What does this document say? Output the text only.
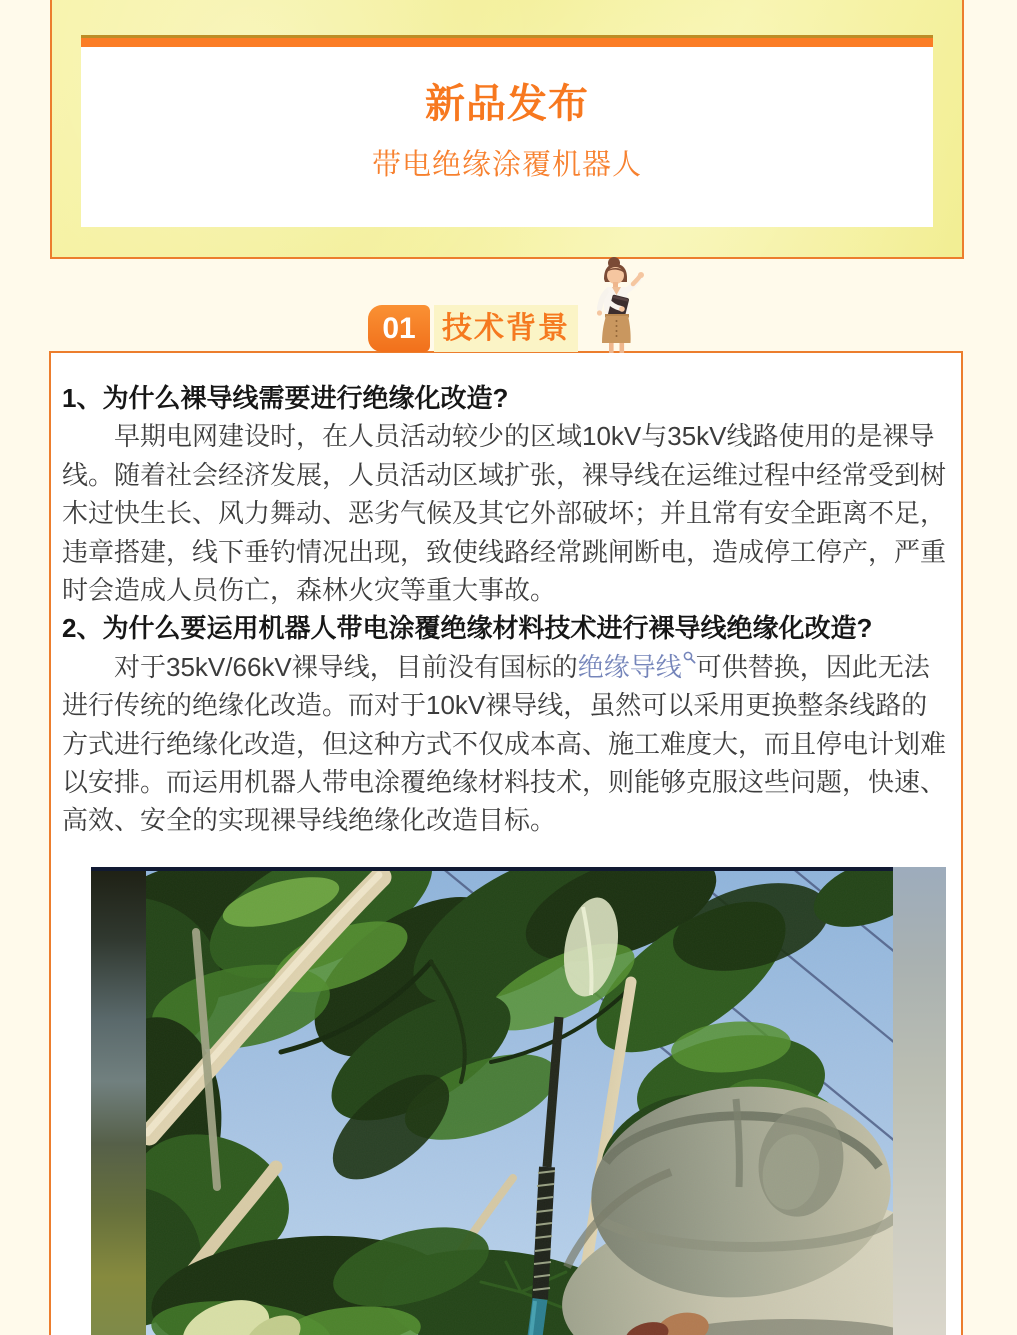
新品发布
带电绝缘涂覆机器人
01 技术背景
1、为什么裸导线需要进行绝缘化改造?
早期电网建设时，在人员活动较少的区域10kV与35kV线路使用的是裸导
线。随着社会经济发展，人员活动区域扩张，裸导线在运维过程中经常受到树
木过快生长、风力舞动、恶劣气候及其它外部破坏；并且常有安全距离不足，
违章搭建，线下垂钓情况出现，致使线路经常跳闸断电，造成停工停产，严重
时会造成人员伤亡，森林火灾等重大事故。
2、为什么要运用机器人带电涂覆绝缘材料技术进行裸导线绝缘化改造?
对于35kV/66kV裸导线，目前没有国标的绝缘导线 可供替换，因此无法
进行传统的绝缘化改造。而对于10kV裸导线，虽然可以采用更换整条线路的
方式进行绝缘化改造，但这种方式不仅成本高、施工难度大，而且停电计划难
以安排。而运用机器人带电涂覆绝缘材料技术，则能够克服这些问题，快速、
高效、安全的实现裸导线绝缘化改造目标。
